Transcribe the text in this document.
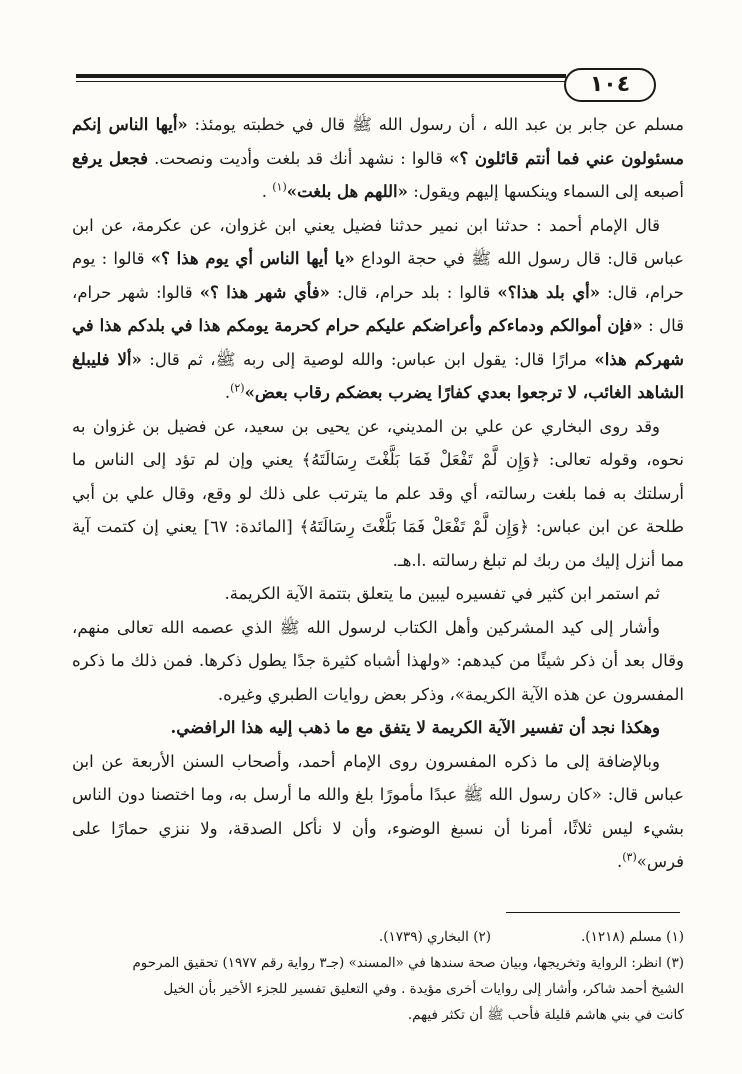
١٠٤

مسلم عن جابر بن عبد الله ، أن رسول الله ﷺ قال في خطبته يومئذ: «أيها الناس إنكم مسئولون عني فما أنتم قائلون ؟» قالوا : نشهد أنك قد بلغت وأديت ونصحت. فجعل يرفع أصبعه إلى السماء وينكسها إليهم ويقول: «اللهم هل بلغت»$^{(١)}$ .

قال الإمام أحمد : حدثنا ابن نمير حدثنا فضيل يعني ابن غزوان، عن عكرمة، عن ابن عباس قال: قال رسول الله ﷺ في حجة الوداع «يا أيها الناس أي يوم هذا ؟» قالوا : يوم حرام، قال: «أي بلد هذا؟» قالوا : بلد حرام، قال: «فأي شهر هذا ؟» قالوا: شهر حرام، قال : «فإن أموالكم ودماءكم وأعراضكم عليكم حرام كحرمة يومكم هذا في بلدكم هذا في شهركم هذا» مرارًا قال: يقول ابن عباس: والله لوصية إلى ربه ﷺ، ثم قال: «ألا فليبلغ الشاهد الغائب، لا ترجعوا بعدي كفارًا يضرب بعضكم رقاب بعض»$^{(٢)}$.

وقد روى البخاري عن علي بن المديني، عن يحيى بن سعيد، عن فضيل بن غزوان به نحوه، وقوله تعالى: ﴿وَإِن لَّمْ تَفْعَلْ فَمَا بَلَّغْتَ رِسَالَتَهُ﴾ يعني وإن لم تؤد إلى الناس ما أرسلتك به فما بلغت رسالته، أي وقد علم ما يترتب على ذلك لو وقع، وقال علي بن أبي طلحة عن ابن عباس: ﴿وَإِن لَّمْ تَفْعَلْ فَمَا بَلَّغْتَ رِسَالَتَهُ﴾ [المائدة: ٦٧] يعني إن كتمت آية مما أنزل إليك من ربك لم تبلغ رسالته .ا.هـ.

ثم استمر ابن كثير في تفسيره ليبين ما يتعلق بتتمة الآية الكريمة.

وأشار إلى كيد المشركين وأهل الكتاب لرسول الله ﷺ الذي عصمه الله تعالى منهم، وقال بعد أن ذكر شيئًا من كيدهم: «ولهذا أشباه كثيرة جدًا يطول ذكرها. فمن ذلك ما ذكره المفسرون عن هذه الآية الكريمة»، وذكر بعض روايات الطبري وغيره.

وهكذا نجد أن تفسير الآية الكريمة لا يتفق مع ما ذهب إليه هذا الرافضي.

وبالإضافة إلى ما ذكره المفسرون روى الإمام أحمد، وأصحاب السنن الأربعة عن ابن عباس قال: «كان رسول الله ﷺ عبدًا مأمورًا بلغ والله ما أرسل به، وما اختصنا دون الناس بشيء ليس ثلاثًا، أمرنا أن نسبغ الوضوء، وأن لا نأكل الصدقة، ولا ننزي حمارًا على فرس»$^{(٣)}$.

(١) مسلم (١٢١٨).(٢) البخاري (١٧٣٩).
(٣) انظر: الرواية وتخريجها، وبيان صحة سندها في «المسند» (جـ٣ رواية رقم ١٩٧٧) تحقيق المرحوم
الشيخ أحمد شاكر، وأشار إلى روايات أخرى مؤيدة . وفي التعليق تفسير للجزء الأخير بأن الخيل
كانت في بني هاشم قليلة فأحب ﷺ أن تكثر فيهم.
